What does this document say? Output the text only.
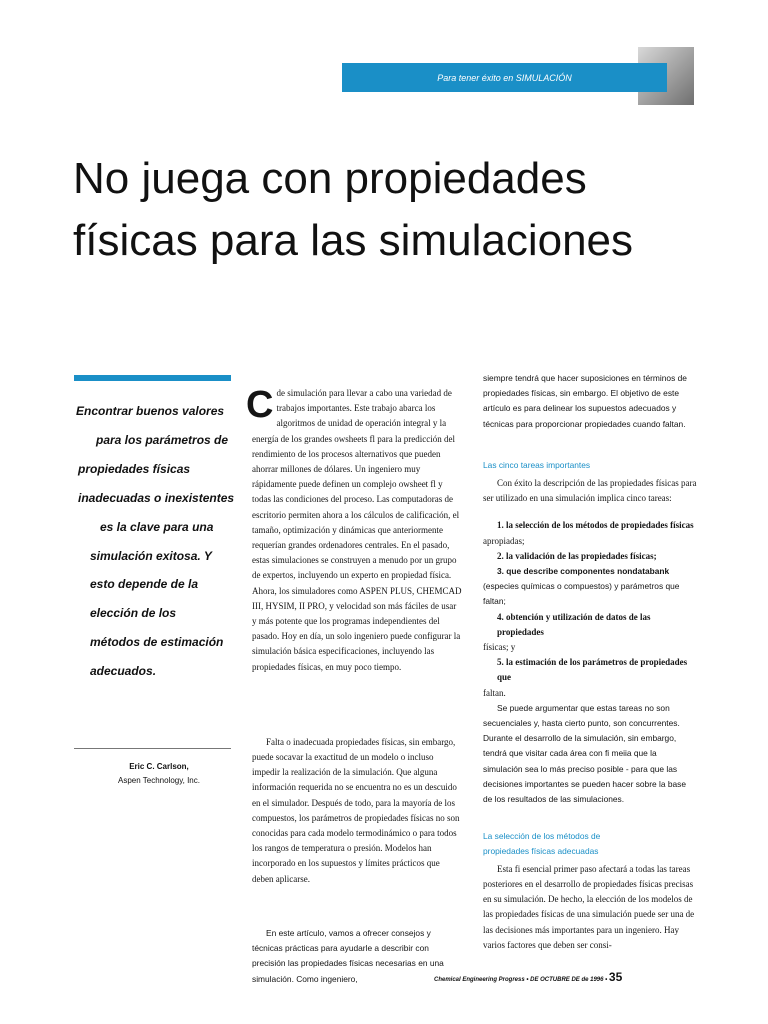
Para tener éxito en SIMULACIÓN
No juega con propiedades físicas para las simulaciones
Encontrar buenos valores
para los parámetros de
propiedades físicas
inadecuadas o inexistentes
es la clave para una
simulación exitosa. Y
esto depende de la
elección de los
métodos de estimación
adecuados.
Eric C. Carlson,
Aspen Technology, Inc.

Cde simulación para llevar a cabo una variedad de trabajos importantes. Este trabajo abarca los algoritmos de unidad de operación integral y la energía de los grandes owsheets fl para la predicción del rendimiento de los procesos alternativos que pueden ahorrar millones de dólares. Un ingeniero muy rápidamente puede definen un complejo owsheet fl y todas las condiciones del proceso. Las computadoras de escritorio permiten ahora a los cálculos de calificación, el tamaño, optimización y dinámicas que anteriormente requerían grandes ordenadores centrales. En el pasado, estas simulaciones se construyen a menudo por un grupo de expertos, incluyendo un experto en propiedad física. Ahora, los simuladores como ASPEN PLUS, CHEMCAD III, HYSIM, II PRO, y velocidad son más fáciles de usar y más potente que los programas independientes del pasado. Hoy en día, un solo ingeniero puede configurar la simulación básica especificaciones, incluyendo las propiedades físicas, en muy poco tiempo.

Falta o inadecuada propiedades físicas, sin embargo, puede socavar la exactitud de un modelo o incluso impedir la realización de la simulación. Que alguna información requerida no se encuentra no es un descuido en el simulador. Después de todo, para la mayoría de los compuestos, los parámetros de propiedades físicas no son conocidas para cada modelo termodinámico o para todos los rangos de temperatura o presión. Modelos han incorporado en los supuestos y límites prácticos que deben aplicarse.

En este artículo, vamos a ofrecer consejos y técnicas prácticas para ayudarle a describir con precisión las propiedades físicas necesarias en una simulación. Como ingeniero,

siempre tendrá que hacer suposiciones en términos de propiedades físicas, sin embargo. El objetivo de este artículo es para delinear los supuestos adecuados y técnicas para proporcionar propiedades cuando faltan.

Las cinco tareas importantes

Con éxito la descripción de las propiedades físicas para ser utilizado en una simulación implica cinco tareas:

1. la selección de los métodos de propiedades físicas

apropiadas;

2. la validación de las propiedades físicas;

3. que describe componentes nondatabank

(especies químicas o compuestos) y parámetros que faltan;

4. obtención y utilización de datos de las propiedades

físicas; y

5. la estimación de los parámetros de propiedades que

faltan.

Se puede argumentar que estas tareas no son secuenciales y, hasta cierto punto, son concurrentes. Durante el desarrollo de la simulación, sin embargo, tendrá que visitar cada área con fi meiia que la simulación sea lo más preciso posible - para que las decisiones importantes se pueden hacer sobre la base de los resultados de las simulaciones.

La selección de los métodos de

propiedades físicas adecuadas

Esta fi esencial primer paso afectará a todas las tareas posteriores en el desarrollo de propiedades físicas precisas en su simulación. De hecho, la elección de los modelos de las propiedades físicas de una simulación puede ser una de las decisiones más importantes para un ingeniero. Hay varios factores que deben ser consi-

Chemical Engineering Progress • DE OCTUBRE DE de 1996 • 35
